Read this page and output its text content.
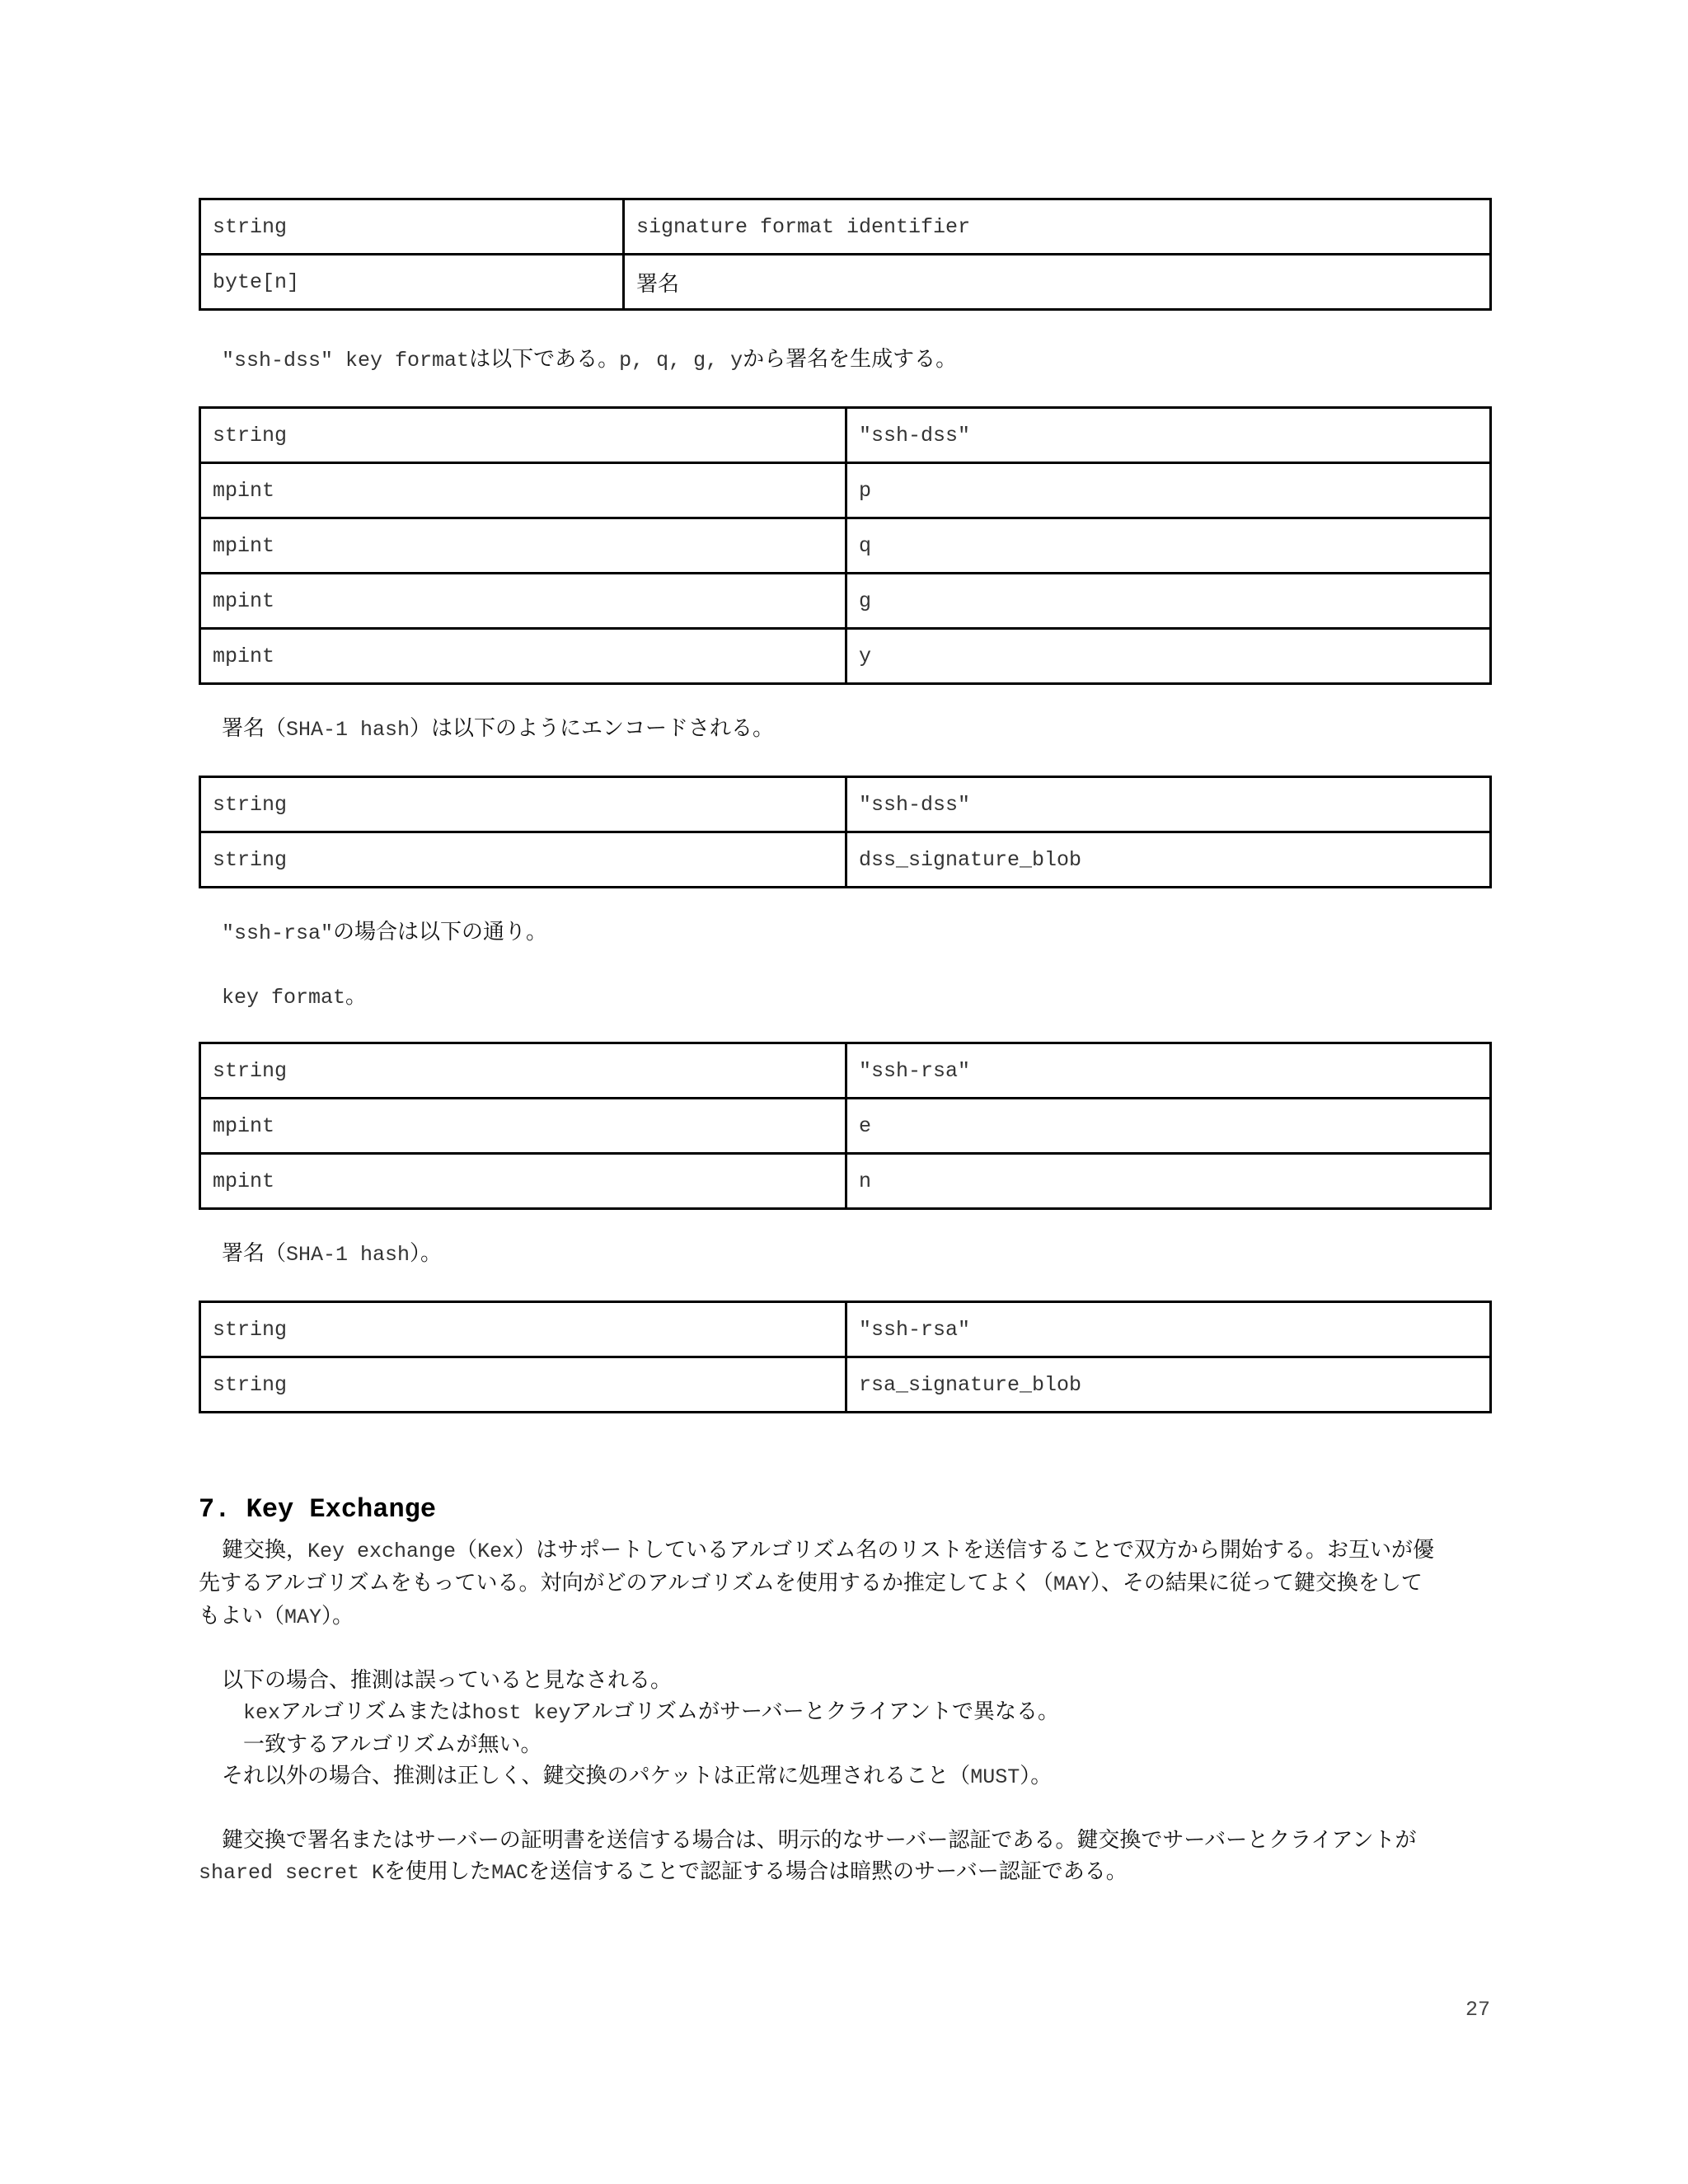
string	signature format identifier
byte[n]	署名

"ssh-dss" key formatは以下である。p, q, g, yから署名を生成する。

string	"ssh-dss"
mpint	p
mpint	q
mpint	g
mpint	y

署名（SHA-1 hash）は以下のようにエンコードされる。

string	"ssh-dss"
string	dss_signature_blob

"ssh-rsa"の場合は以下の通り。

key format。

string	"ssh-rsa"
mpint	e
mpint	n

署名（SHA-1 hash）。

string	"ssh-rsa"
string	rsa_signature_blob
7. Key Exchange

鍵交換，Key exchange（Kex）はサポートしているアルゴリズム名のリストを送信することで双方から開始する。お互いが優

先するアルゴリズムをもっている。対向がどのアルゴリズムを使用するか推定してよく（MAY）、その結果に従って鍵交換をして

もよい（MAY）。

以下の場合、推測は誤っていると見なされる。

kexアルゴリズムまたはhost keyアルゴリズムがサーバーとクライアントで異なる。

一致するアルゴリズムが無い。

それ以外の場合、推測は正しく、鍵交換のパケットは正常に処理されること（MUST）。

鍵交換で署名またはサーバーの証明書を送信する場合は、明示的なサーバー認証である。鍵交換でサーバーとクライアントが

shared secret Kを使用したMACを送信することで認証する場合は暗黙のサーバー認証である。

27
